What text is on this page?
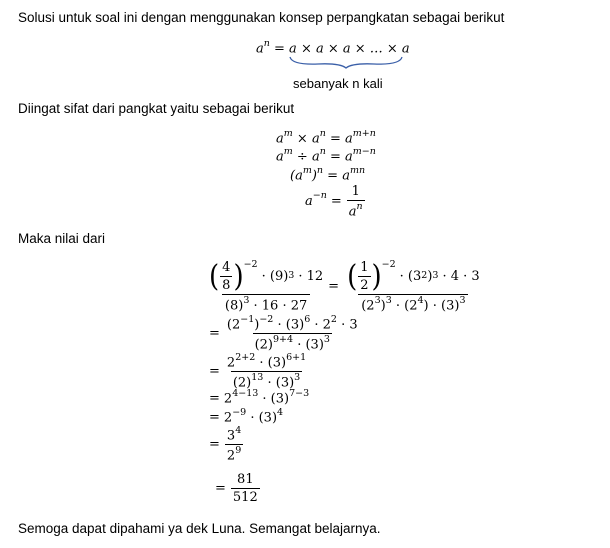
Solusi untuk soal ini dengan menggunakan konsep perpangkatan sebagai berikut
$a^n = a \times a \times a$ × … × a
sebanyak n kali
Diingat sifat dari pangkat yaitu sebagai berikut
$a^m \times a^n = a^{m+n}$
$a^m \div a^n = a^{m-n}$
$(a^m)^n = a^{mn}$
$a^{-n} = \frac{1}{a^n}$
Maka nilai dari
( $\frac{4}{8} )^{-2}$
· $(9)^3 \cdot 12$
$(8)^3 \cdot 16 \cdot 27$ = ( $\frac{1}{2} )^{-2}$
· ($3^2$ )$^3$ · 4 · 3
$(2^3)^3 \cdot (2^4) \cdot (3)^3$
= $\frac{(2^{-1})^{-2} \cdot (3)^6 \cdot 2^2 \cdot 3}{(2)^{9+4} \cdot (3)^3}$
= $\frac{2^{2+2} \cdot (3)^{6+1}}{(2)^{13} \cdot (3)^3}$
= $2^{4-13} \cdot (3)^{7-3}$
= $2^{-9} \cdot (3)^4$
= $\frac{3^4}{2^9}$
= $\frac{81}{512}$
Semoga dapat dipahami ya dek Luna. Semangat belajarnya.
